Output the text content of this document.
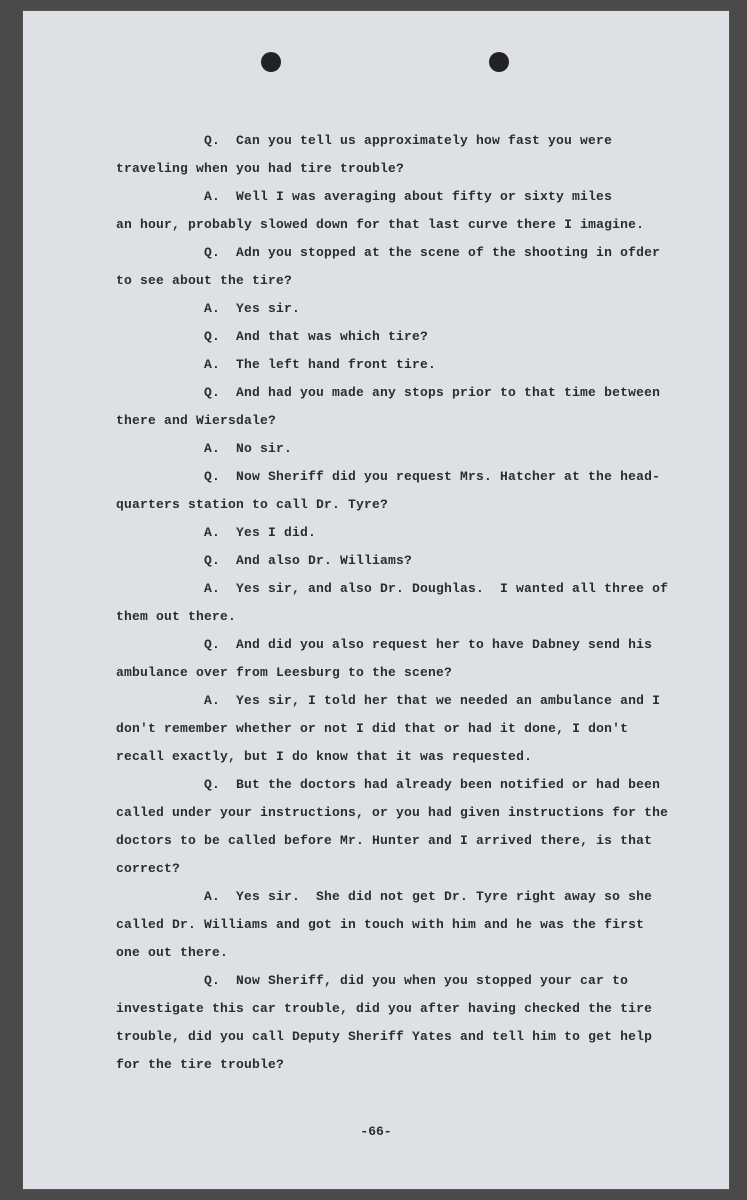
Q.  Can you tell us approximately how fast you were
traveling when you had tire trouble?
A.  Well I was averaging about fifty or sixty miles
an hour, probably slowed down for that last curve there I imagine.
Q.  Adn you stopped at the scene of the shooting in ofder
to see about the tire?
A.  Yes sir.
Q.  And that was which tire?
A.  The left hand front tire.
Q.  And had you made any stops prior to that time between
there and Wiersdale?
A.  No sir.
Q.  Now Sheriff did you request Mrs. Hatcher at the head-
quarters station to call Dr. Tyre?
A.  Yes I did.
Q.  And also Dr. Williams?
A.  Yes sir, and also Dr. Doughlas.  I wanted all three of
them out there.
Q.  And did you also request her to have Dabney send his
ambulance over from Leesburg to the scene?
A.  Yes sir, I told her that we needed an ambulance and I
don't remember whether or not I did that or had it done, I don't
recall exactly, but I do know that it was requested.
Q.  But the doctors had already been notified or had been
called under your instructions, or you had given instructions for the
doctors to be called before Mr. Hunter and I arrived there, is that
correct?
A.  Yes sir.  She did not get Dr. Tyre right away so she
called Dr. Williams and got in touch with him and he was the first
one out there.
Q.  Now Sheriff, did you when you stopped your car to
investigate this car trouble, did you after having checked the tire
trouble, did you call Deputy Sheriff Yates and tell him to get help
for the tire trouble?
-66-
